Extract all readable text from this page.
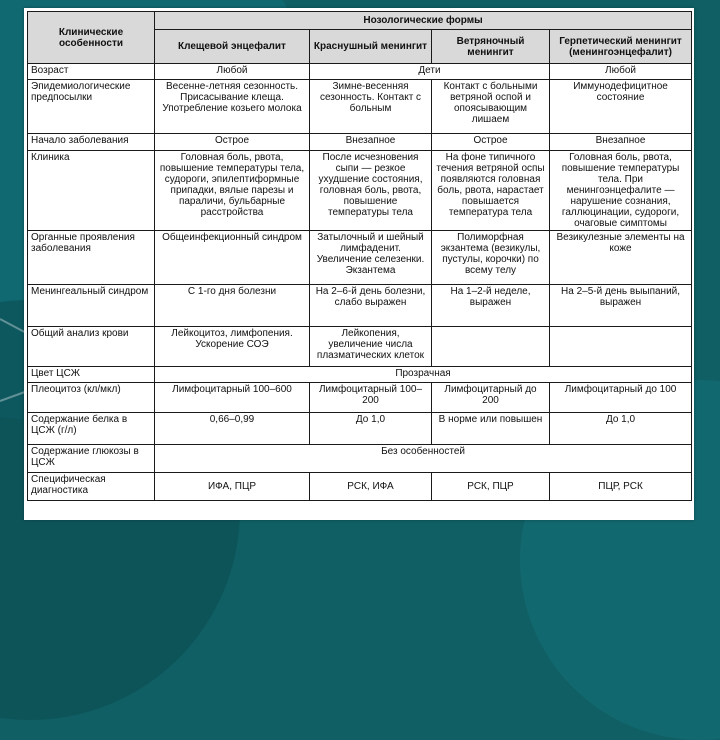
Клинические особенности	Нозологические формы			
	Клещевой энцефалит	Краснушный менингит	Ветряночный менингит	Герпетический менингит (менингоэнцефалит)
Возраст	Любой	Дети		Любой
Эпидемиологические предпосылки	Весенне-летняя сезонность. Присасывание клеща. Употребление козьего молока	Зимне-весенняя сезонность. Контакт с больным	Контакт с больными ветряной оспой и опоясывающим лишаем	Иммунодефицитное состояние
Начало заболевания	Острое	Внезапное	Острое	Внезапное
Клиника	Головная боль, рвота, повышение температуры тела, судороги, эпилептиформные припадки, вялые парезы и параличи, бульбарные расстройства	После исчезновения сыпи — резкое ухудшение состояния, головная боль, рвота, повышение температуры тела	На фоне типичного течения ветряной оспы появляются головная боль, рвота, нарастает повышается температура тела	Головная боль, рвота, повышение температуры тела. При менингоэнцефалите — нарушение сознания, галлюцинации, судороги, очаговые симптомы
Органные проявления заболевания	Общеинфекционный синдром	Затылочный и шейный лимфаденит. Увеличение селезенки. Экзантема	Полиморфная экзантема (везикулы, пустулы, корочки) по всему телу	Везикулезные элементы на коже
Менингеальный синдром	С 1-го дня болезни	На 2–6-й день болезни, слабо выражен	На 1–2-й неделе, выражен	На 2–5-й день выыпаний, выражен
Общий анализ крови	Лейкоцитоз, лимфопения. Ускорение СОЭ	Лейкопения, увеличение числа плазматических клеток		
Цвет ЦСЖ	Прозрачная			
Плеоцитоз (кл/мкл)	Лимфоцитарный 100–600	Лимфоцитарный 100–200	Лимфоцитарный до 200	Лимфоцитарный до 100
Содержание белка в ЦСЖ (г/л)	0,66–0,99	До 1,0	В норме или повышен	До 1,0
Содержание глюкозы в ЦСЖ	Без особенностей			
Специфическая диагностика	ИФА, ПЦР	РСК, ИФА	РСК, ПЦР	ПЦР, РСК
